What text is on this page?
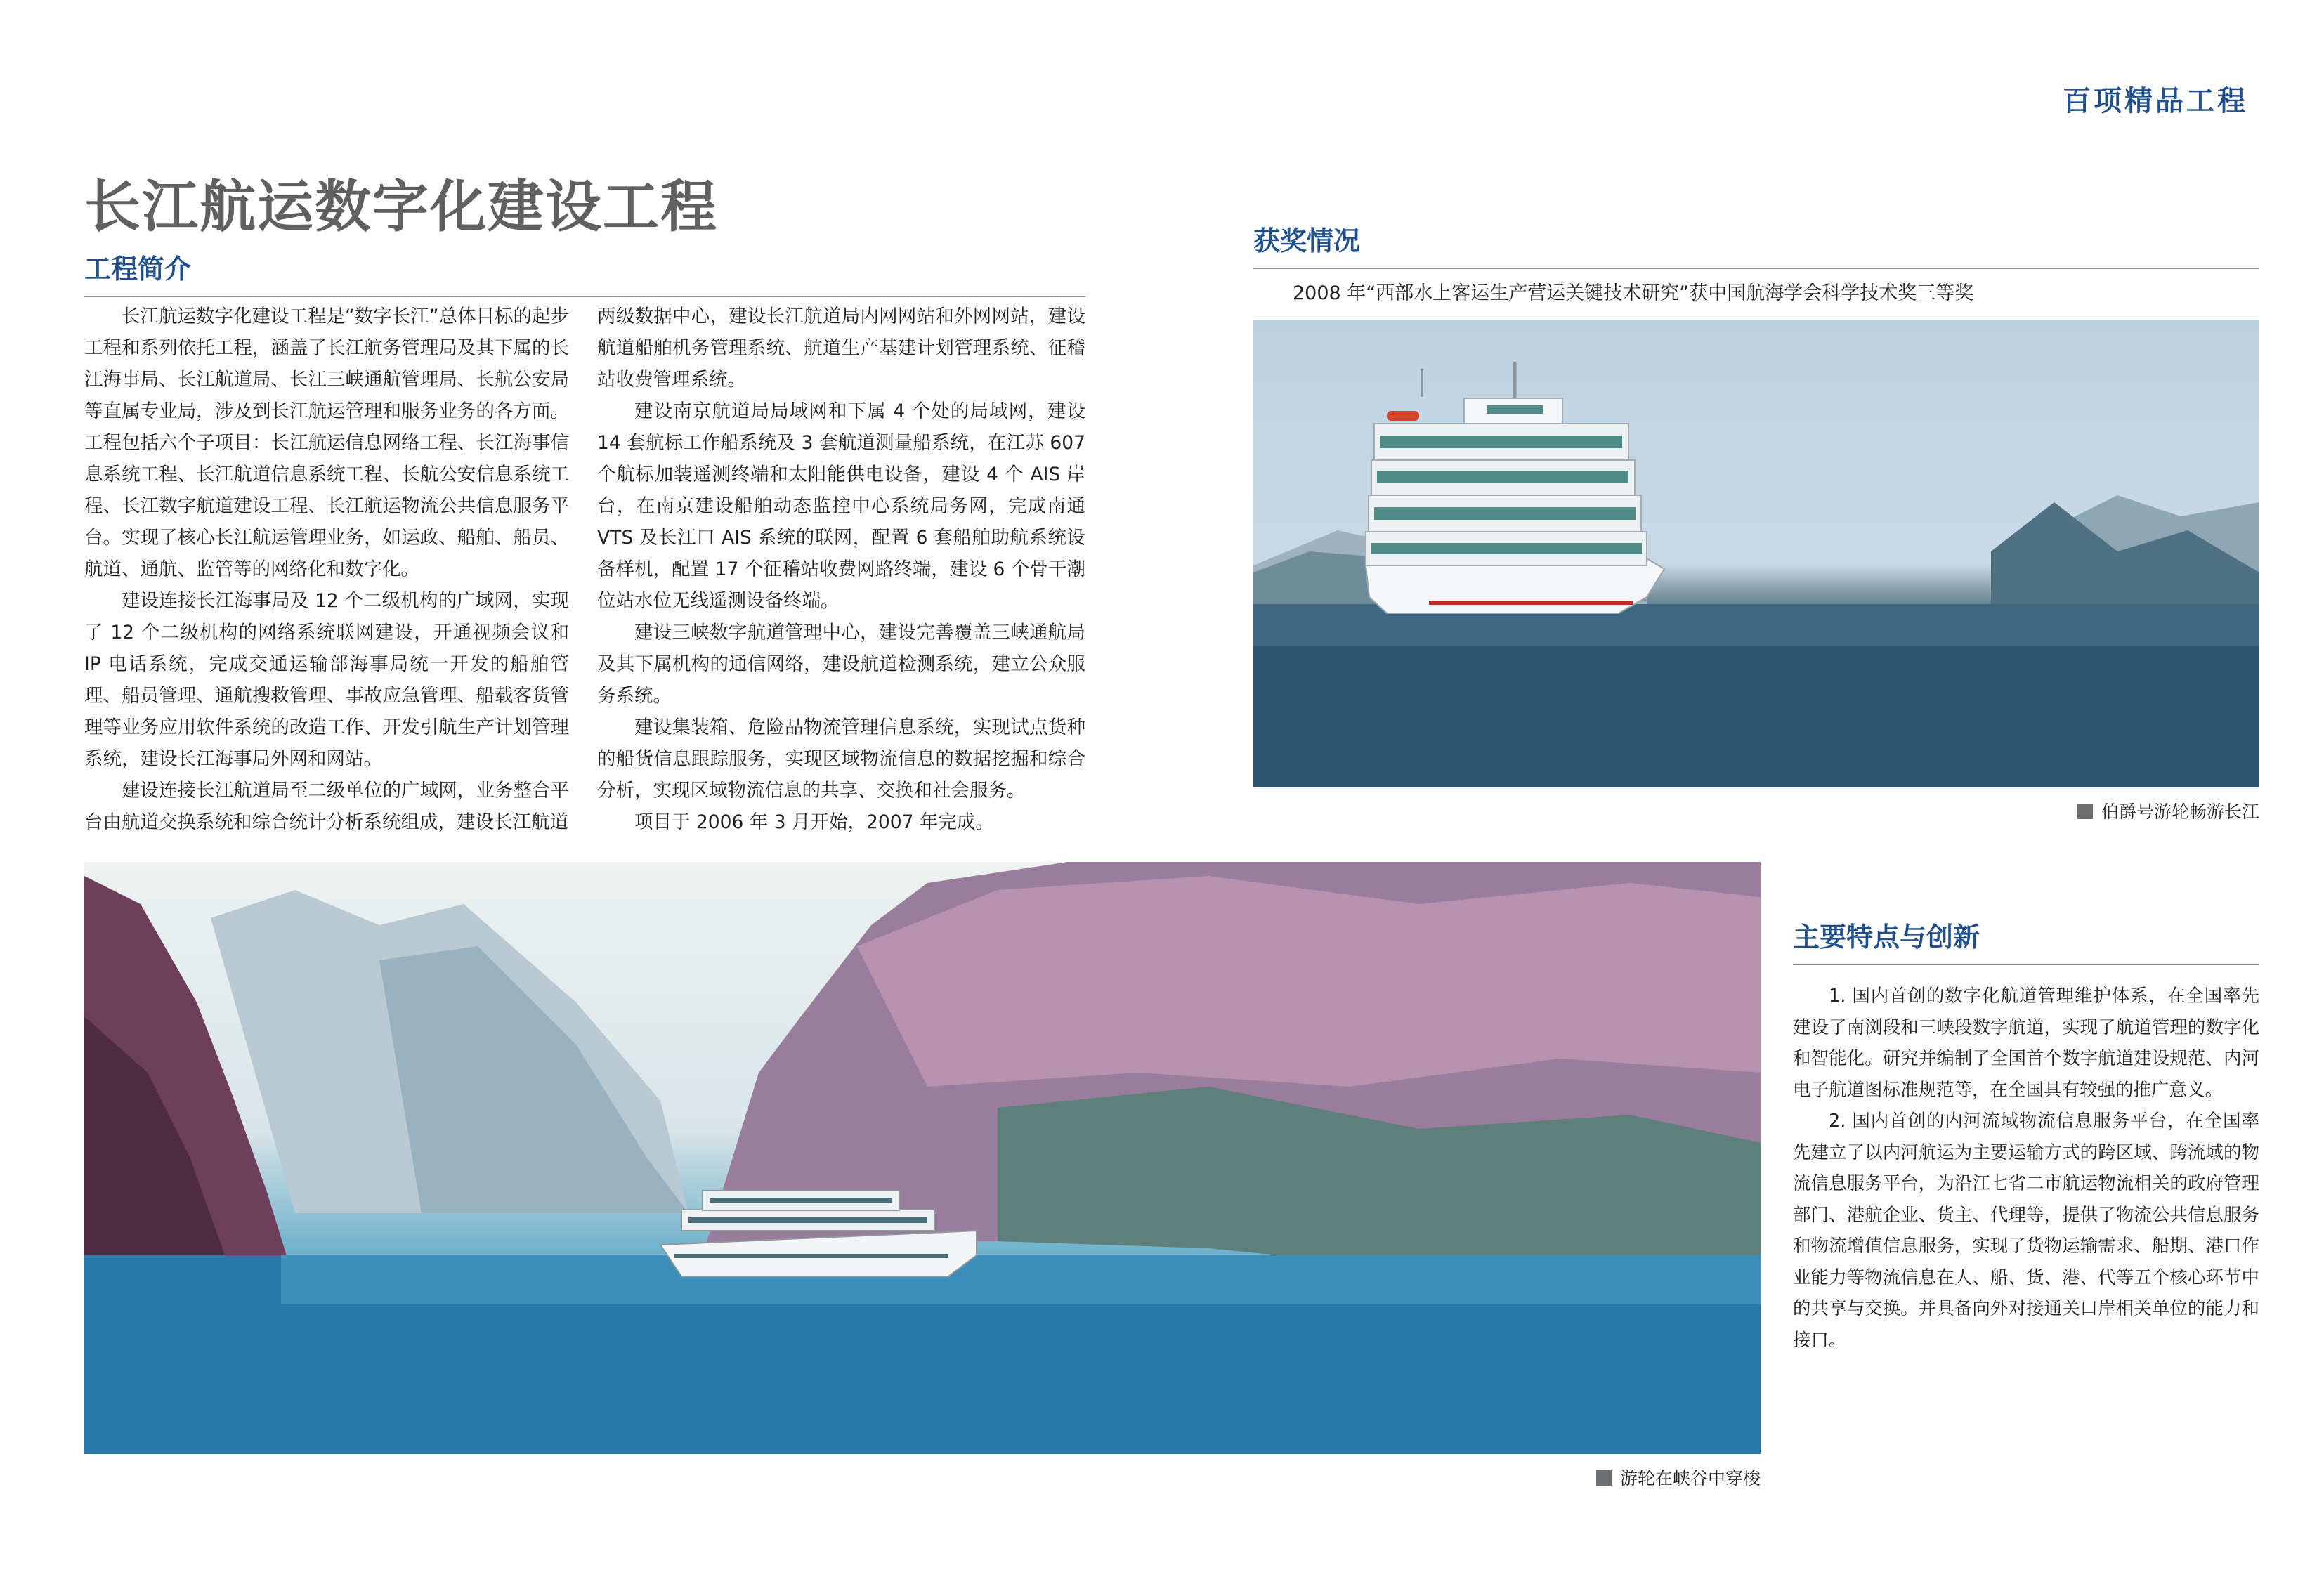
百项精品工程
长江航运数字化建设工程
工程简介

长江航运数字化建设工程是“数字长江”总体目标的起步工程和系列依托工程，涵盖了长江航务管理局及其下属的长江海事局、长江航道局、长江三峡通航管理局、长航公安局等直属专业局，涉及到长江航运管理和服务业务的各方面。工程包括六个子项目：长江航运信息网络工程、长江海事信息系统工程、长江航道信息系统工程、长航公安信息系统工程、长江数字航道建设工程、长江航运物流公共信息服务平台。实现了核心长江航运管理业务，如运政、船舶、船员、航道、通航、监管等的网络化和数字化。

建设连接长江海事局及 12 个二级机构的广域网，实现了 12 个二级机构的网络系统联网建设，开通视频会议和 IP 电话系统，完成交通运输部海事局统一开发的船舶管理、船员管理、通航搜救管理、事故应急管理、船载客货管理等业务应用软件系统的改造工作、开发引航生产计划管理系统，建设长江海事局外网和网站。

建设连接长江航道局至二级单位的广域网，业务整合平台由航道交换系统和综合统计分析系统组成，建设长江航道

两级数据中心，建设长江航道局内网网站和外网网站，建设航道船舶机务管理系统、航道生产基建计划管理系统、征稽站收费管理系统。

建设南京航道局局域网和下属 4 个处的局域网，建设 14 套航标工作船系统及 3 套航道测量船系统，在江苏 607 个航标加装遥测终端和太阳能供电设备，建设 4 个 AIS 岸台，在南京建设船舶动态监控中心系统局务网，完成南通 VTS 及长江口 AIS 系统的联网，配置 6 套船舶助航系统设备样机，配置 17 个征稽站收费网路终端，建设 6 个骨干潮位站水位无线遥测设备终端。

建设三峡数字航道管理中心，建设完善覆盖三峡通航局及其下属机构的通信网络，建设航道检测系统，建立公众服务系统。

建设集装箱、危险品物流管理信息系统，实现试点货种的船货信息跟踪服务，实现区域物流信息的数据挖掘和综合分析，实现区域物流信息的共享、交换和社会服务。

项目于 2006 年 3 月开始，2007 年完成。

获奖情况
2008 年“西部水上客运生产营运关键技术研究”获中国航海学会科学技术奖三等奖
伯爵号游轮畅游长江
游轮在峡谷中穿梭
主要特点与创新

1. 国内首创的数字化航道管理维护体系，在全国率先建设了南浏段和三峡段数字航道，实现了航道管理的数字化和智能化。研究并编制了全国首个数字航道建设规范、内河电子航道图标准规范等，在全国具有较强的推广意义。

2. 国内首创的内河流域物流信息服务平台，在全国率先建立了以内河航运为主要运输方式的跨区域、跨流域的物流信息服务平台，为沿江七省二市航运物流相关的政府管理部门、港航企业、货主、代理等，提供了物流公共信息服务和物流增值信息服务，实现了货物运输需求、船期、港口作业能力等物流信息在人、船、货、港、代等五个核心环节中的共享与交换。并具备向外对接通关口岸相关单位的能力和接口。
